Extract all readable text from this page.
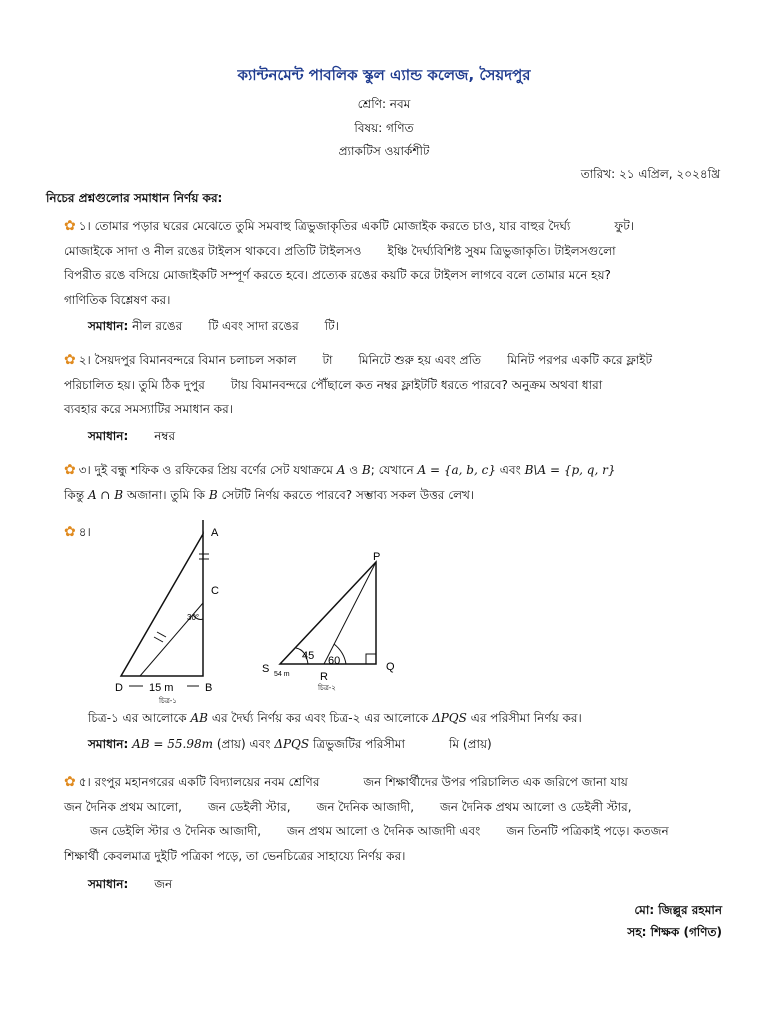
ক্যান্টনমেন্ট পাবলিক স্কুল এ্যান্ড কলেজ, সৈয়দপুর
শ্রেণি: নবম
বিষয়: গণিত
প্র্যাকটিস ওয়ার্কশীট
তারিখ: ২১ এপ্রিল, ২০২৪খ্রি
নিচের প্রশ্নগুলোর সমাধান নির্ণয় কর:
✿ ১। তোমার পড়ার ঘরের মেঝেতে তুমি সমবাহু ত্রিভুজাকৃতির একটি মোজাইক করতে চাও, যার বাহুর দৈর্ঘ্য	ফুট।
মোজাইকে সাদা ও নীল রঙের টাইলস থাকবে। প্রতিটি টাইলসও ইঞ্চি দৈর্ঘ্যবিশিষ্ট সুষম ত্রিভুজাকৃতি। টাইলসগুলো
বিপরীত রঙে বসিয়ে মোজাইকটি সম্পূর্ণ করতে হবে। প্রত্যেক রঙের কয়টি করে টাইলস লাগবে বলে তোমার মনে হয়?
গাণিতিক বিশ্লেষণ কর।
সমাধান: নীল রঙের টি এবং সাদা রঙের টি।
✿ ২। সৈয়দপুর বিমানবন্দরে বিমান চলাচল সকাল টা মিনিটে শুরু হয় এবং প্রতি মিনিট পরপর একটি করে ফ্লাইট
পরিচালিত হয়। তুমি ঠিক দুপুর টায় বিমানবন্দরে পৌঁছালে কত নম্বর ফ্লাইটটি ধরতে পারবে? অনুক্রম অথবা ধারা
ব্যবহার করে সমস্যাটির সমাধান কর।
সমাধান: নম্বর
✿ ৩। দুই বন্ধু শফিক ও রফিকের প্রিয় বর্ণের সেট যথাক্রমে A ও B; যেখানে A = {a, b, c} এবং B\A = {p, q, r}
কিন্তু A ∩ B অজানা। তুমি কি B সেটটি নির্ণয় করতে পারবে? সম্ভাব্য সকল উত্তর লেখ।
✿ ৪।	A
C
30°
B
D 15 m
চিত্র-১
P
S	Q
R
45 60
54 m
চিত্র-২
চিত্র-১ এর আলোকে AB এর দৈর্ঘ্য নির্ণয় কর এবং চিত্র-২ এর আলোকে ΔPQS এর পরিসীমা নির্ণয় কর।
সমাধান: AB = 55.98m (প্রায়) এবং ΔPQS ত্রিভুজটির পরিসীমা	মি (প্রায়)
✿ ৫। রংপুর মহানগরের একটি বিদ্যালয়ের নবম শ্রেণির	জন শিক্ষার্থীদের উপর পরিচালিত এক জরিপে জানা যায়
জন দৈনিক প্রথম আলো, জন ডেইলী স্টার, জন দৈনিক আজাদী, জন দৈনিক প্রথম আলো ও ডেইলী স্টার,
জন ডেইলি স্টার ও দৈনিক আজাদী, জন প্রথম আলো ও দৈনিক আজাদী এবং জন তিনটি পত্রিকাই পড়ে। কতজন
শিক্ষার্থী কেবলমাত্র দুইটি পত্রিকা পড়ে, তা ভেনচিত্রের সাহায্যে নির্ণয় কর।
সমাধান: জন
মো: জিল্লুর রহমান
সহ: শিক্ষক (গণিত)
